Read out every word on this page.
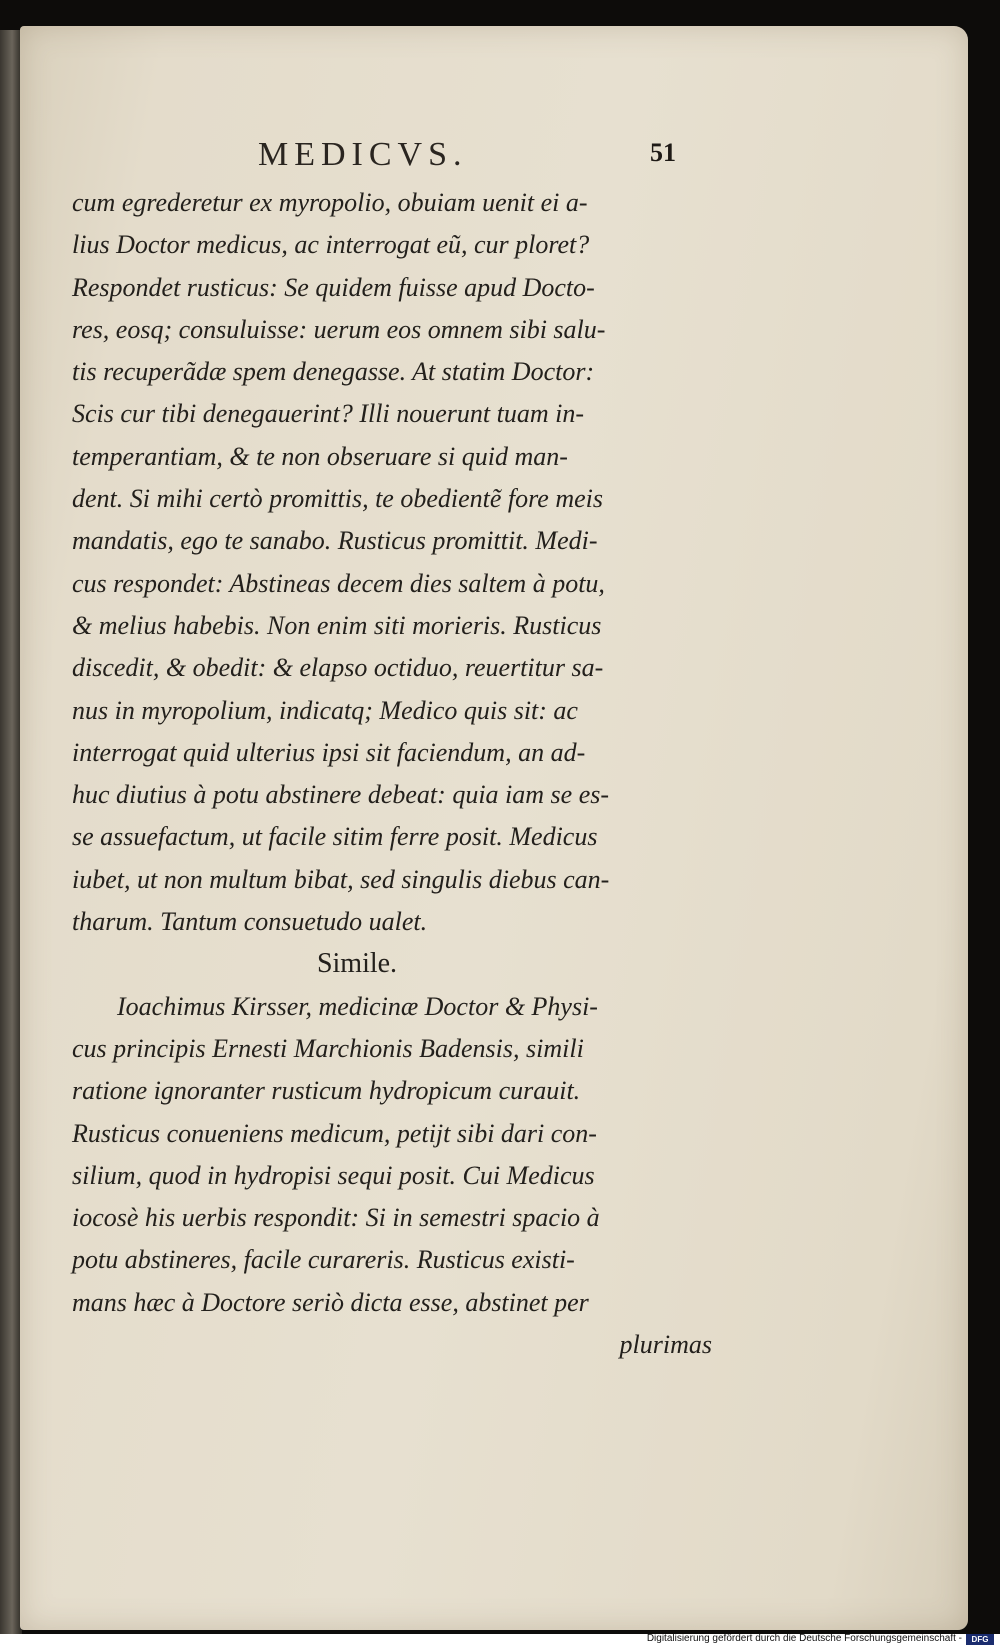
MEDICVS.	51
cum egrederetur ex myropolio, obuiam uenit ei a-
lius Doctor medicus, ac interrogat eũ, cur ploret?
Respondet rusticus: Se quidem fuisse apud Docto-
res, eosq; consuluisse: uerum eos omnem sibi salu-
tis recuperãdæ spem denegasse. At statim Doctor:
Scis cur tibi denegauerint? Illi nouerunt tuam in-
temperantiam, & te non obseruare si quid man-
dent. Si mihi certò promittis, te obedientẽ fore meis
mandatis, ego te sanabo. Rusticus promittit. Medi-
cus respondet: Abstineas decem dies saltem à potu,
& melius habebis. Non enim siti morieris. Rusticus
discedit, & obedit: & elapso octiduo, reuertitur sa-
nus in myropolium, indicatq; Medico quis sit: ac
interrogat quid ulterius ipsi sit faciendum, an ad-
huc diutius à potu abstinere debeat: quia iam se es-
se assuefactum, ut facile sitim ferre posit. Medicus
iubet, ut non multum bibat, sed singulis diebus can-
tharum. Tantum consuetudo ualet.
Simile.
Ioachimus Kirsser, medicinæ Doctor & Physi-
cus principis Ernesti Marchionis Badensis, simili
ratione ignoranter rusticum hydropicum curauit.
Rusticus conueniens medicum, petijt sibi dari con-
silium, quod in hydropisi sequi posit. Cui Medicus
iocosè his uerbis respondit: Si in semestri spacio à
potu abstineres, facile curareris. Rusticus existi-
mans hæc à Doctore seriò dicta esse, abstinet per
plurimas
Digitalisierung gefördert durch die Deutsche Forschungsgemeinschaft -	DFG
